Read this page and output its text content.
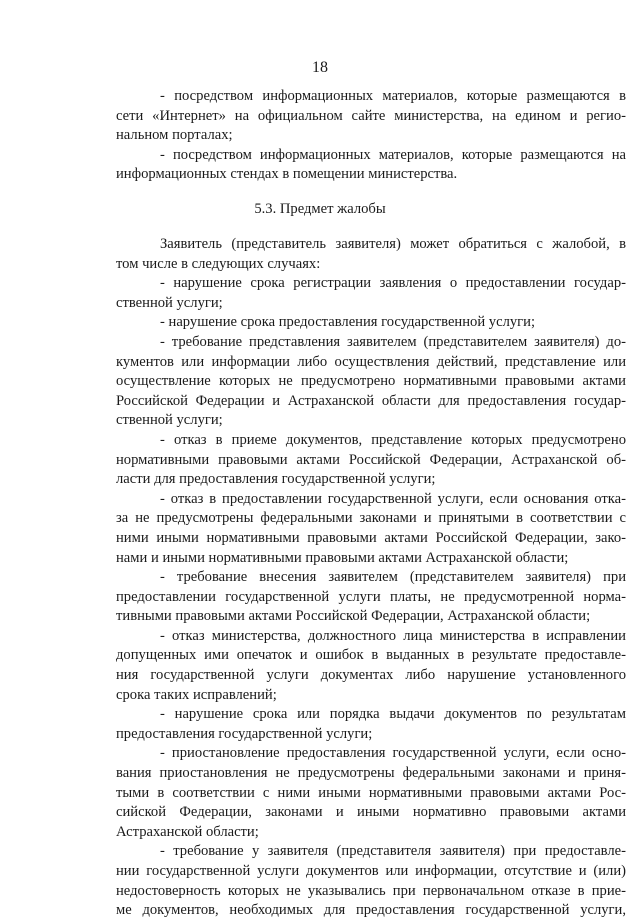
18
- посредством информационных материалов, которые размещаются в
сети «Интернет» на официальном сайте министерства, на едином и регио-
нальном порталах;
- посредством информационных материалов, которые размещаются на
информационных стендах в помещении министерства.
5.3. Предмет жалобы
Заявитель (представитель заявителя) может обратиться с жалобой, в
том числе в следующих случаях:
- нарушение срока регистрации заявления о предоставлении государ-
ственной услуги;
- нарушение срока предоставления государственной услуги;
- требование представления заявителем (представителем заявителя) до-
кументов или информации либо осуществления действий, представление или
осуществление которых не предусмотрено нормативными правовыми актами
Российской Федерации и Астраханской области для предоставления государ-
ственной услуги;
- отказ в приеме документов, представление которых предусмотрено
нормативными правовыми актами Российской Федерации, Астраханской об-
ласти для предоставления государственной услуги;
- отказ в предоставлении государственной услуги, если основания отка-
за не предусмотрены федеральными законами и принятыми в соответствии с
ними иными нормативными правовыми актами Российской Федерации, зако-
нами и иными нормативными правовыми актами Астраханской области;
- требование внесения заявителем (представителем заявителя) при
предоставлении государственной услуги платы, не предусмотренной норма-
тивными правовыми актами Российской Федерации, Астраханской области;
- отказ министерства, должностного лица министерства в исправлении
допущенных ими опечаток и ошибок в выданных в результате предоставле-
ния государственной услуги документах либо нарушение установленного
срока таких исправлений;
- нарушение срока или порядка выдачи документов по результатам
предоставления государственной услуги;
- приостановление предоставления государственной услуги, если осно-
вания приостановления не предусмотрены федеральными законами и приня-
тыми в соответствии с ними иными нормативными правовыми актами Рос-
сийской Федерации, законами и иными нормативно правовыми актами
Астраханской области;
- требование у заявителя (представителя заявителя) при предоставле-
нии государственной услуги документов или информации, отсутствие и (или)
недостоверность которых не указывались при первоначальном отказе в прие-
ме документов, необходимых для предоставления государственной услуги,
